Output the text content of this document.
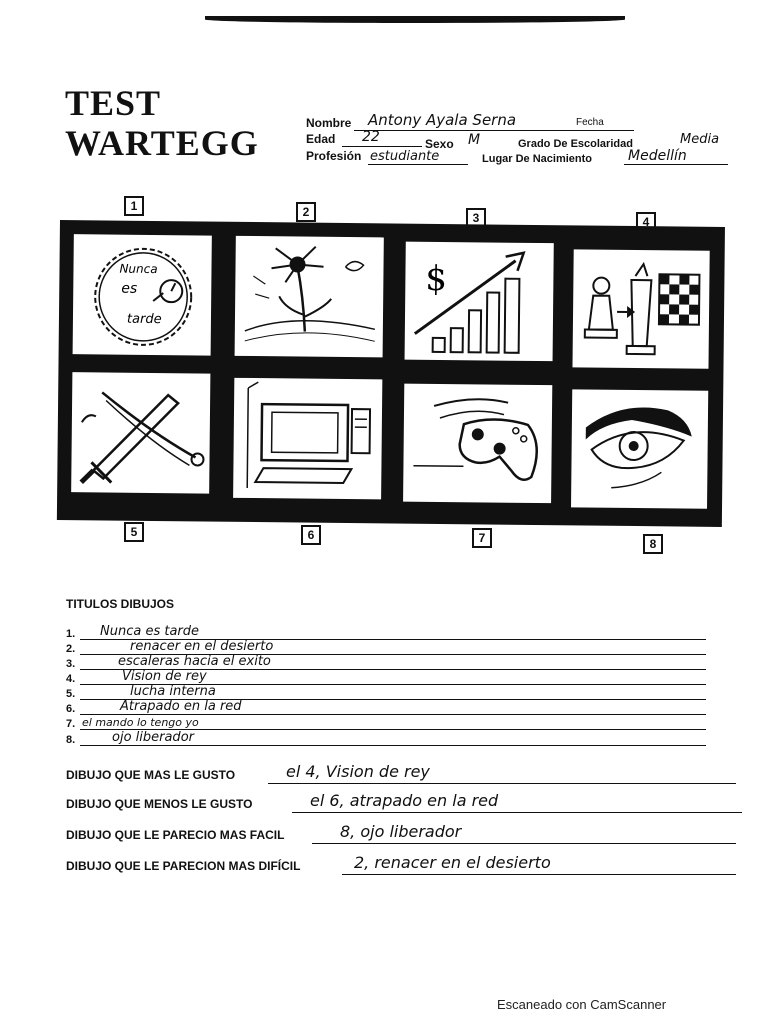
TEST
WARTEGG	Nombre Antony Ayala Serna	Fecha
Edad 22	Sexo M	Grado De Escolaridad	Media
Profesión estudiante	Lugar De Nacimiento	Medellín
1	2	3	4
Nunca
es
tarde
$
5	6	7	8
TITULOS DIBUJOS
1. Nunca es tarde
2.	renacer en el desierto
3.	escaleras hacia el exito
4.	Vision de rey
5.	lucha interna
6.	Atrapado en la red
7. el mando lo tengo yo
8.	ojo liberador
DIBUJO QUE MAS LE GUSTO	el 4, Vision de rey
DIBUJO QUE MENOS LE GUSTO	el 6, atrapado en la red
DIBUJO QUE LE PARECIO MAS FACIL	8, ojo liberador
DIBUJO QUE LE PARECION MAS DIFÍCIL	2, renacer en el desierto
Escaneado con CamScanner
